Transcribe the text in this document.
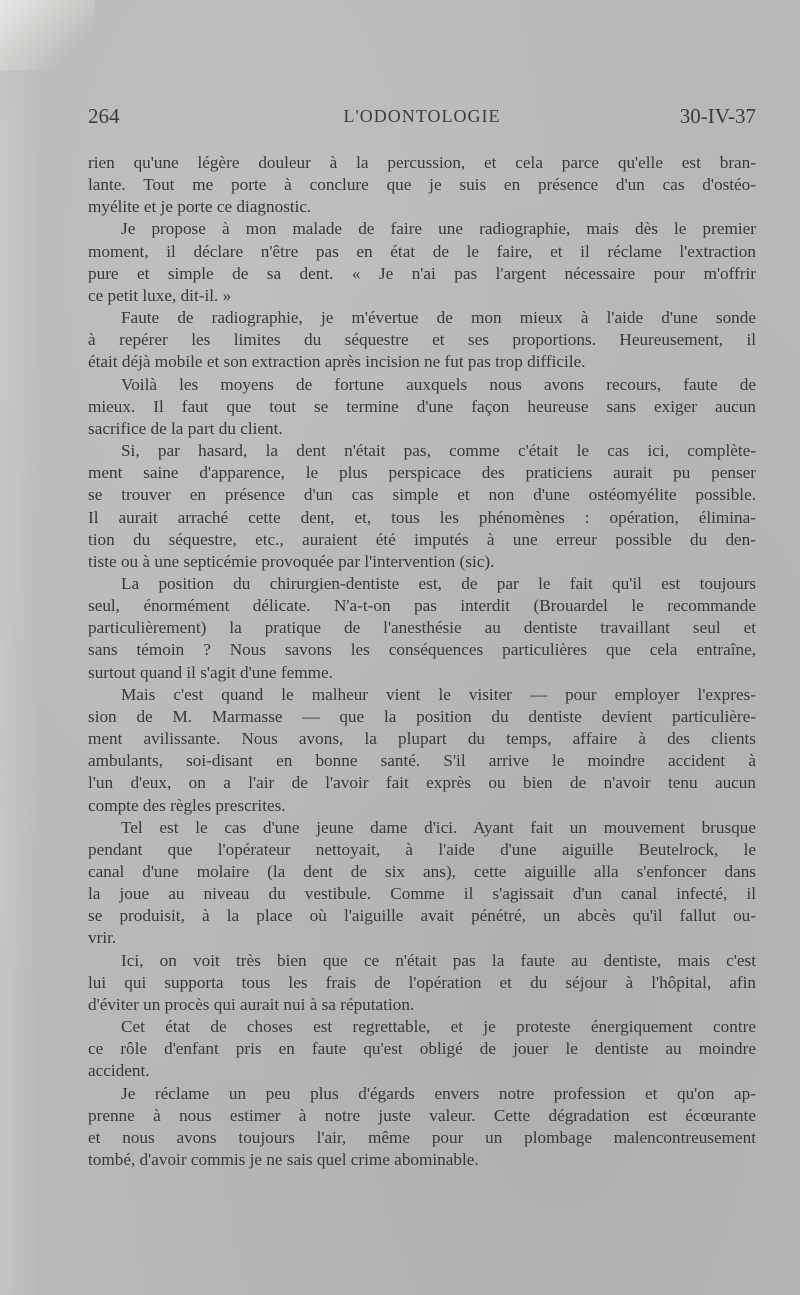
264	L'ODONTOLOGIE	30-IV-37
rien qu'une légère douleur à la percussion, et cela parce qu'elle est bran-
lante. Tout me porte à conclure que je suis en présence d'un cas d'ostéo-
myélite et je porte ce diagnostic.
Je propose à mon malade de faire une radiographie, mais dès le premier
moment, il déclare n'être pas en état de le faire, et il réclame l'extraction
pure et simple de sa dent. « Je n'ai pas l'argent nécessaire pour m'offrir
ce petit luxe, dit-il. »
Faute de radiographie, je m'évertue de mon mieux à l'aide d'une sonde
à repérer les limites du séquestre et ses proportions. Heureusement, il
était déjà mobile et son extraction après incision ne fut pas trop difficile.
Voilà les moyens de fortune auxquels nous avons recours, faute de
mieux. Il faut que tout se termine d'une façon heureuse sans exiger aucun
sacrifice de la part du client.
Si, par hasard, la dent n'était pas, comme c'était le cas ici, complète-
ment saine d'apparence, le plus perspicace des praticiens aurait pu penser
se trouver en présence d'un cas simple et non d'une ostéomyélite possible.
Il aurait arraché cette dent, et, tous les phénomènes : opération, élimina-
tion du séquestre, etc., auraient été imputés à une erreur possible du den-
tiste ou à une septicémie provoquée par l'intervention (sic).
La position du chirurgien-dentiste est, de par le fait qu'il est toujours
seul, énormément délicate. N'a-t-on pas interdit (Brouardel le recommande
particulièrement) la pratique de l'anesthésie au dentiste travaillant seul et
sans témoin ? Nous savons les conséquences particulières que cela entraîne,
surtout quand il s'agit d'une femme.
Mais c'est quand le malheur vient le visiter — pour employer l'expres-
sion de M. Marmasse — que la position du dentiste devient particulière-
ment avilissante. Nous avons, la plupart du temps, affaire à des clients
ambulants, soi-disant en bonne santé. S'il arrive le moindre accident à
l'un d'eux, on a l'air de l'avoir fait exprès ou bien de n'avoir tenu aucun
compte des règles prescrites.
Tel est le cas d'une jeune dame d'ici. Ayant fait un mouvement brusque
pendant que l'opérateur nettoyait, à l'aide d'une aiguille Beutelrock, le
canal d'une molaire (la dent de six ans), cette aiguille alla s'enfoncer dans
la joue au niveau du vestibule. Comme il s'agissait d'un canal infecté, il
se produisit, à la place où l'aiguille avait pénétré, un abcès qu'il fallut ou-
vrir.
Ici, on voit très bien que ce n'était pas la faute au dentiste, mais c'est
lui qui supporta tous les frais de l'opération et du séjour à l'hôpital, afin
d'éviter un procès qui aurait nui à sa réputation.
Cet état de choses est regrettable, et je proteste énergiquement contre
ce rôle d'enfant pris en faute qu'est obligé de jouer le dentiste au moindre
accident.
Je réclame un peu plus d'égards envers notre profession et qu'on ap-
prenne à nous estimer à notre juste valeur. Cette dégradation est écœurante
et nous avons toujours l'air, même pour un plombage malencontreusement
tombé, d'avoir commis je ne sais quel crime abominable.
